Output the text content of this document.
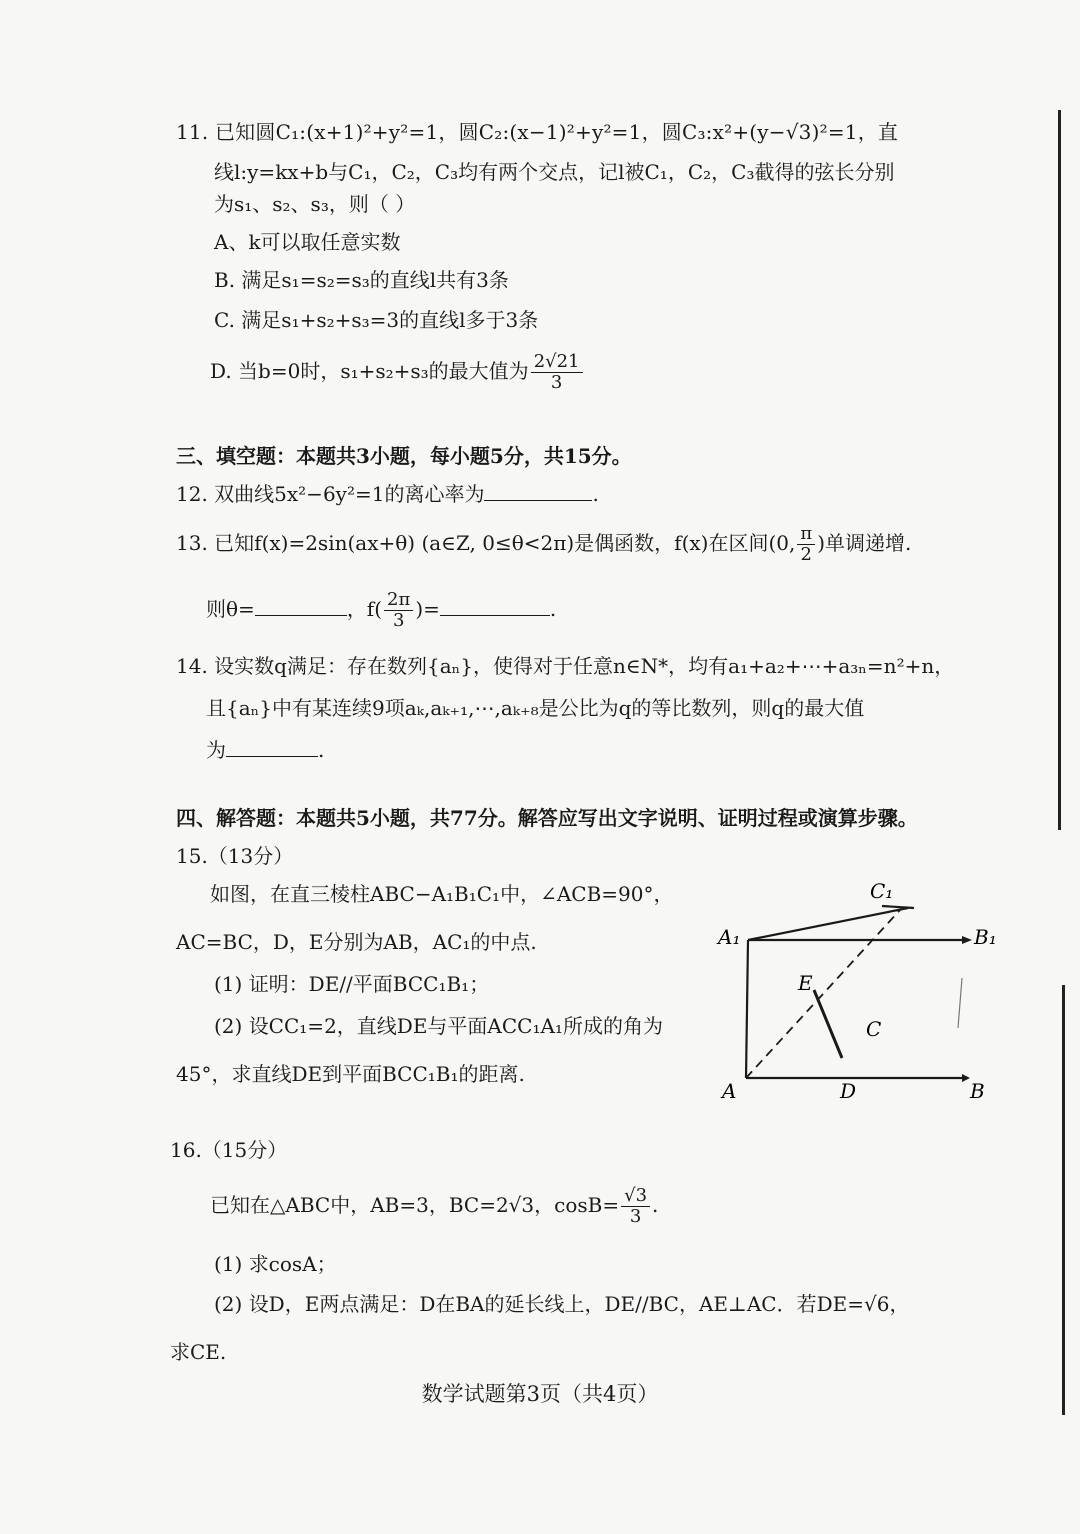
11. 已知圆C₁:(x+1)²+y²=1，圆C₂:(x−1)²+y²=1，圆C₃:x²+(y−√3)²=1，直
线l:y=kx+b与C₁，C₂，C₃均有两个交点，记l被C₁，C₂，C₃截得的弦长分别
为s₁、s₂、s₃，则（ ）
A、k可以取任意实数
B. 满足s₁=s₂=s₃的直线l共有3条
C. 满足s₁+s₂+s₃=3的直线l多于3条
D. 当b=0时，s₁+s₂+s₃的最大值为 $\frac{2√21}{3}$
三、填空题：本题共3小题，每小题5分，共15分。
12. 双曲线5x²−6y²=1的离心率为	.
13. 已知f(x)=2sin(ax+θ) (a∈Z, 0≤θ<2π)是偶函数，f(x)在区间(0, $\frac{\pi}{2}$ )单调递增.
则θ=	，$f( \frac{2\pi}{3}$ )=	.
14. 设实数q满足：存在数列{aₙ}，使得对于任意n∈N*，均有a₁+a₂+⋯+a₃ₙ=n²+n，
且{aₙ}中有某连续9项aₖ,aₖ₊₁,⋯,aₖ₊₈是公比为q的等比数列，则q的最大值
为	.
四、解答题：本题共5小题，共77分。解答应写出文字说明、证明过程或演算步骤。
15.（13分）
如图，在直三棱柱ABC−A₁B₁C₁中，∠ACB=90°，
AC=BC，D，E分别为AB，AC₁的中点.
(1) 证明：DE//平面BCC₁B₁；
(2) 设CC₁=2，直线DE与平面ACC₁A₁所成的角为
45°，求直线DE到平面BCC₁B₁的距离.
C₁
A₁	B₁
E
C
A	D	B
16.（15分）
已知在△ABC中，AB=3，BC=2√3，$\cos B= \frac{√3}{3}$ .
(1) 求cosA；
(2) 设D，E两点满足：D在BA的延长线上，DE//BC，AE⊥AC．若DE=√6，
求CE.
数学试题第3页（共4页）
